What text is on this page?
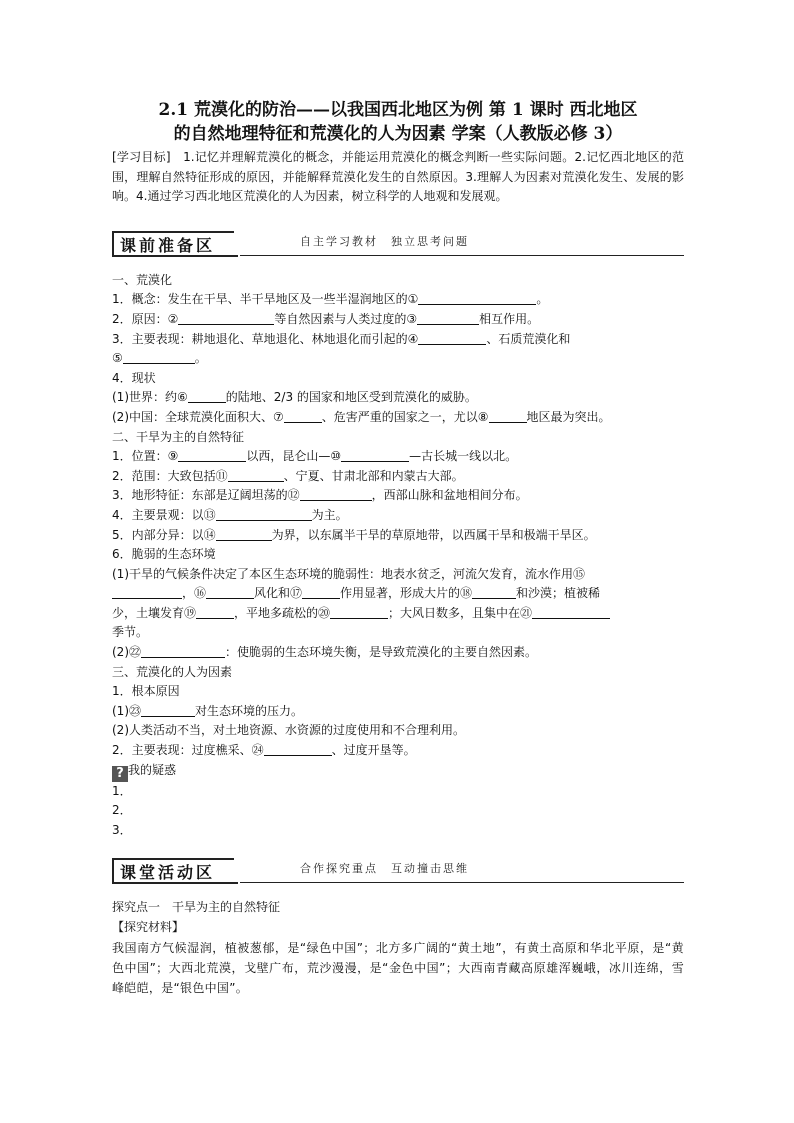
2.1 荒漠化的防治——以我国西北地区为例 第 1 课时 西北地区
的自然地理特征和荒漠化的人为因素 学案（人教版必修 3）

[学习目标]　1.记忆并理解荒漠化的概念，并能运用荒漠化的概念判断一些实际问题。2.记忆西北地区的范围，理解自然特征形成的原因，并能解释荒漠化发生的自然原因。3.理解人为因素对荒漠化发生、发展的影响。4.通过学习西北地区荒漠化的人为因素，树立科学的人地观和发展观。

课前准备区	自主学习教材　独立思考问题

一、荒漠化

1．概念：发生在干旱、半干旱地区及一些半湿润地区的①	。

2．原因：②	等自然因素与人类过度的③	相互作用。

3．主要表现：耕地退化、草地退化、林地退化而引起的④	、石质荒漠化和

⑤	。

4．现状

(1)世界：约⑥	的陆地、2/3 的国家和地区受到荒漠化的威胁。

(2)中国：全球荒漠化面积大、⑦	、危害严重的国家之一，尤以⑧	地区最为突出。

二、干旱为主的自然特征

1．位置：⑨	以西，昆仑山—⑩	—古长城一线以北。

2．范围：大致包括⑪	、宁夏、甘肃北部和内蒙古大部。

3．地形特征：东部是辽阔坦荡的⑫	，西部山脉和盆地相间分布。

4．主要景观：以⑬	为主。

5．内部分异：以⑭	为界，以东属半干旱的草原地带，以西属干旱和极端干旱区。

6．脆弱的生态环境

(1)干旱的气候条件决定了本区生态环境的脆弱性：地表水贫乏，河流欠发育，流水作用⑮

，⑯	风化和⑰	作用显著，形成大片的⑱	和沙漠；植被稀

少，土壤发育⑲	，平地多疏松的⑳	；大风日数多，且集中在㉑

季节。

(2)㉒	：使脆弱的生态环境失衡，是导致荒漠化的主要自然因素。

三、荒漠化的人为因素

1．根本原因

(1)㉓	对生态环境的压力。

(2)人类活动不当，对土地资源、水资源的过度使用和不合理利用。

2．主要表现：过度樵采、㉔	、过度开垦等。

? 我的疑惑

1．

2．

3．

课堂活动区	合作探究重点　互动撞击思维

探究点一　干旱为主的自然特征

【探究材料】

我国南方气候湿润，植被葱郁，是“绿色中国”；北方多广阔的“黄土地”，有黄土高原和华北平原，是“黄色中国”；大西北荒漠，戈壁广布，荒沙漫漫，是“金色中国”；大西南青藏高原雄浑巍峨，冰川连绵，雪峰皑皑，是“银色中国”。
